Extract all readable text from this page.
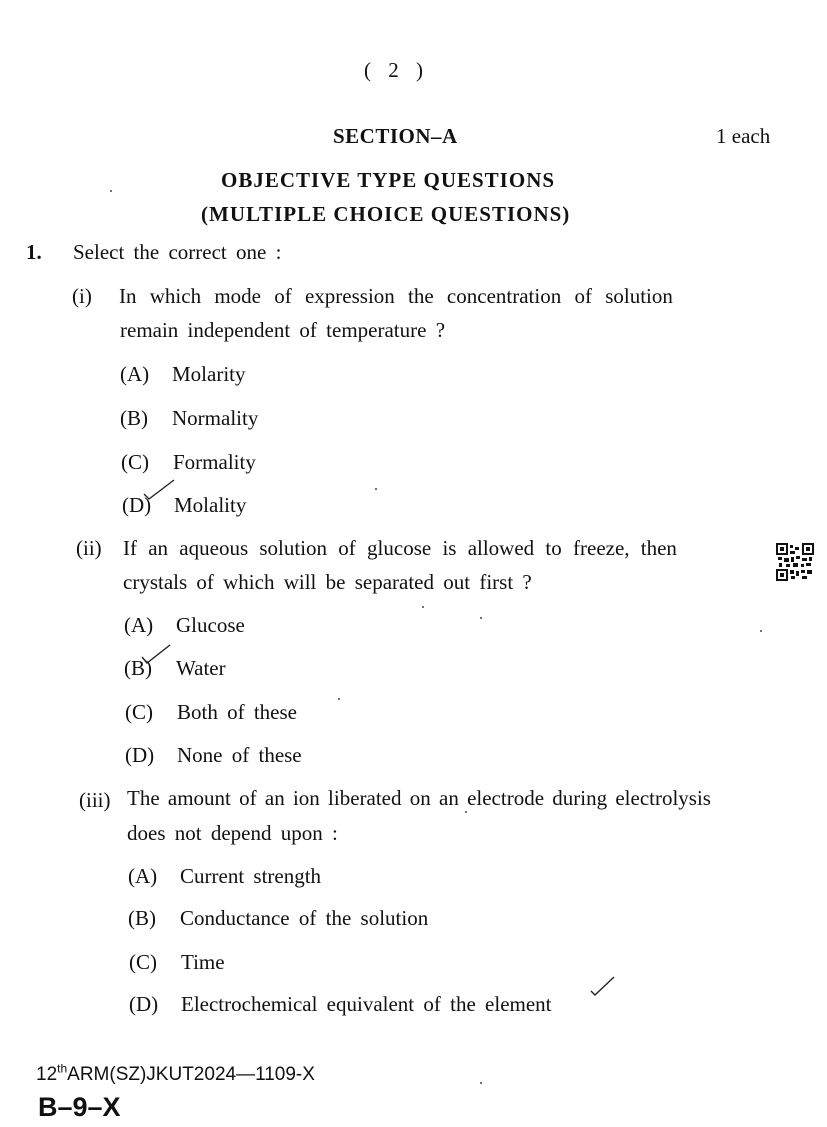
( 2 )
SECTION–A	1 each
OBJECTIVE TYPE QUESTIONS
(MULTIPLE CHOICE QUESTIONS)
1. Select the correct one :
(i) In which mode of expression the concentration of solution
remain independent of temperature ?
(A) Molarity
(B) Normality
(C) Formality
(D) Molality
(ii) If an aqueous solution of glucose is allowed to freeze, then
crystals of which will be separated out first ?
(A) Glucose
(B) Water
(C) Both of these
(D) None of these
(iii) The amount of an ion liberated on an electrode during electrolysis
does not depend upon :
(A) Current strength
(B) Conductance of the solution
(C) Time
(D) Electrochemical equivalent of the element
12thARM(SZ)JKUT2024—1109-X
B–9–X
